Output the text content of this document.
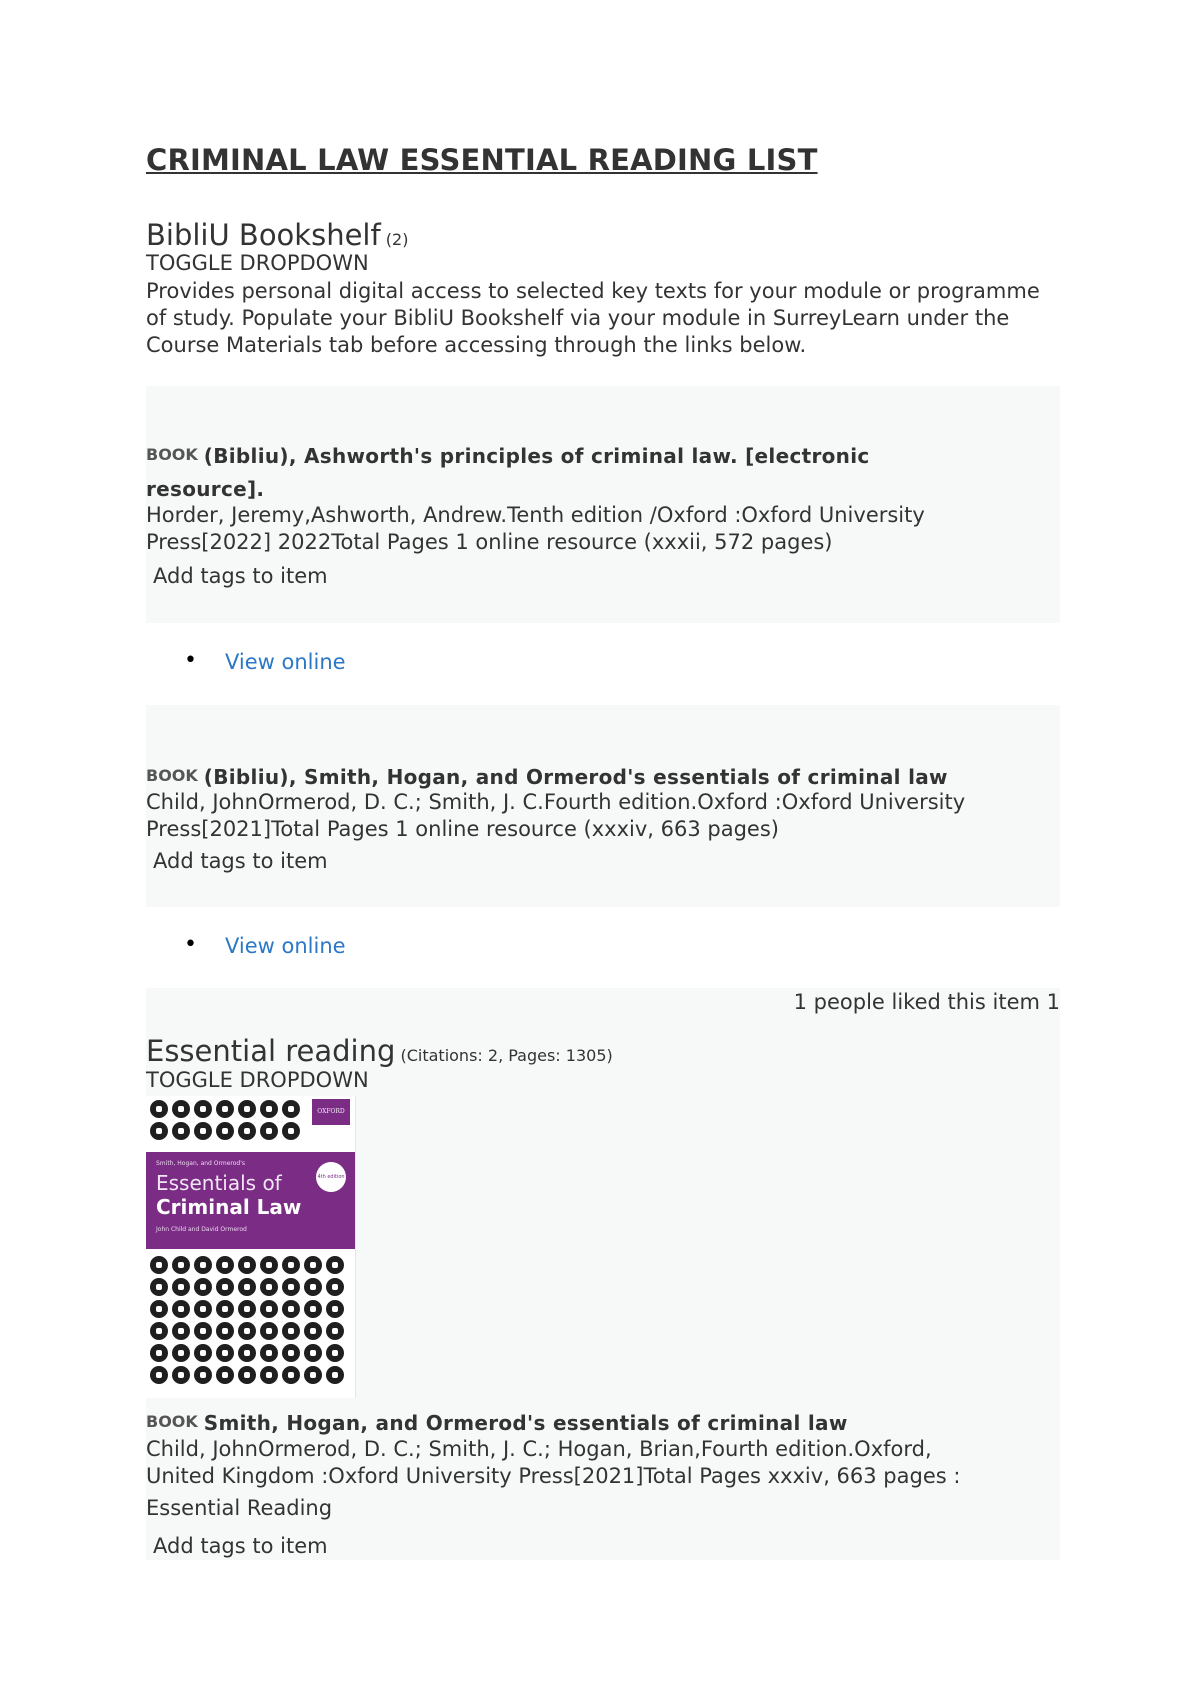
CRIMINAL LAW ESSENTIAL READING LIST
BibliU Bookshelf (2)
TOGGLE DROPDOWN
Provides personal digital access to selected key texts for your module or programme of study. Populate your BibliU Bookshelf via your module in SurreyLearn under the Course Materials tab before accessing through the links below.
BOOK (Bibliu), Ashworth's principles of criminal law. [electronic
resource].
Horder, Jeremy,Ashworth, Andrew.Tenth edition /Oxford :Oxford University
Press[2022] 2022Total Pages 1 online resource (xxxii, 572 pages)
Add tags to item
• View online
BOOK (Bibliu), Smith, Hogan, and Ormerod's essentials of criminal law
Child, JohnOrmerod, D. C.; Smith, J. C.Fourth edition.Oxford :Oxford University
Press[2021]Total Pages 1 online resource (xxxiv, 663 pages)
Add tags to item
• View online
1 people liked this item 1
Essential reading (Citations: 2, Pages: 1305)
TOGGLE DROPDOWN
OXFORD
Smith, Hogan, and Ormerod's
Essentials of
Criminal Law
John Child and David Ormerod
4th edition
BOOK Smith, Hogan, and Ormerod's essentials of criminal law
Child, JohnOrmerod, D. C.; Smith, J. C.; Hogan, Brian,Fourth edition.Oxford,
United Kingdom :Oxford University Press[2021]Total Pages xxxiv, 663 pages :
Essential Reading
Add tags to item
